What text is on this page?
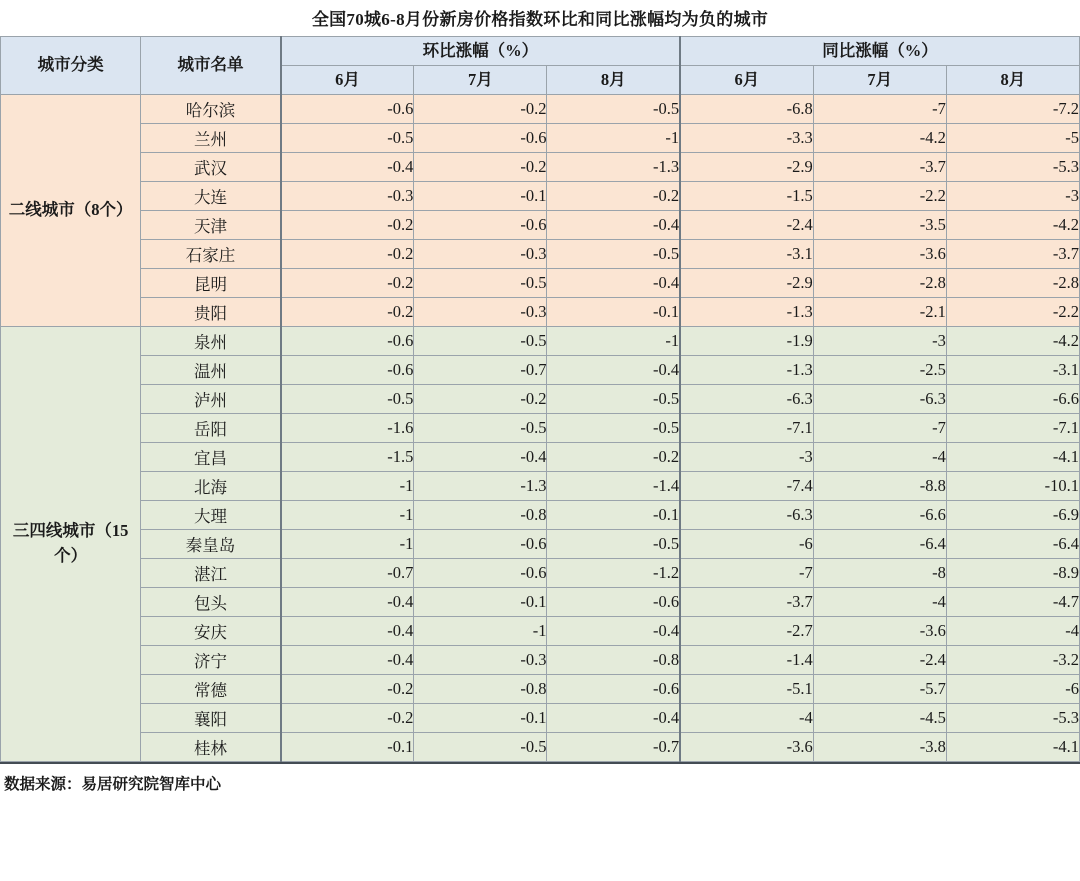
全国70城6-8月份新房价格指数环比和同比涨幅均为负的城市
城市分类	城市名单	环比涨幅（%）			同比涨幅（%）		
		6月	7月	8月	6月	7月	8月
二线城市（8个）	哈尔滨	-0.6	-0.2	-0.5	-6.8	-7	-7.2
	兰州	-0.5	-0.6	-1	-3.3	-4.2	-5
	武汉	-0.4	-0.2	-1.3	-2.9	-3.7	-5.3
	大连	-0.3	-0.1	-0.2	-1.5	-2.2	-3
	天津	-0.2	-0.6	-0.4	-2.4	-3.5	-4.2
	石家庄	-0.2	-0.3	-0.5	-3.1	-3.6	-3.7
	昆明	-0.2	-0.5	-0.4	-2.9	-2.8	-2.8
	贵阳	-0.2	-0.3	-0.1	-1.3	-2.1	-2.2
三四线城市（15个）	泉州	-0.6	-0.5	-1	-1.9	-3	-4.2
	温州	-0.6	-0.7	-0.4	-1.3	-2.5	-3.1
	泸州	-0.5	-0.2	-0.5	-6.3	-6.3	-6.6
	岳阳	-1.6	-0.5	-0.5	-7.1	-7	-7.1
	宜昌	-1.5	-0.4	-0.2	-3	-4	-4.1
	北海	-1	-1.3	-1.4	-7.4	-8.8	-10.1
	大理	-1	-0.8	-0.1	-6.3	-6.6	-6.9
	秦皇岛	-1	-0.6	-0.5	-6	-6.4	-6.4
	湛江	-0.7	-0.6	-1.2	-7	-8	-8.9
	包头	-0.4	-0.1	-0.6	-3.7	-4	-4.7
	安庆	-0.4	-1	-0.4	-2.7	-3.6	-4
	济宁	-0.4	-0.3	-0.8	-1.4	-2.4	-3.2
	常德	-0.2	-0.8	-0.6	-5.1	-5.7	-6
	襄阳	-0.2	-0.1	-0.4	-4	-4.5	-5.3
	桂林	-0.1	-0.5	-0.7	-3.6	-3.8	-4.1
数据来源：易居研究院智库中心
